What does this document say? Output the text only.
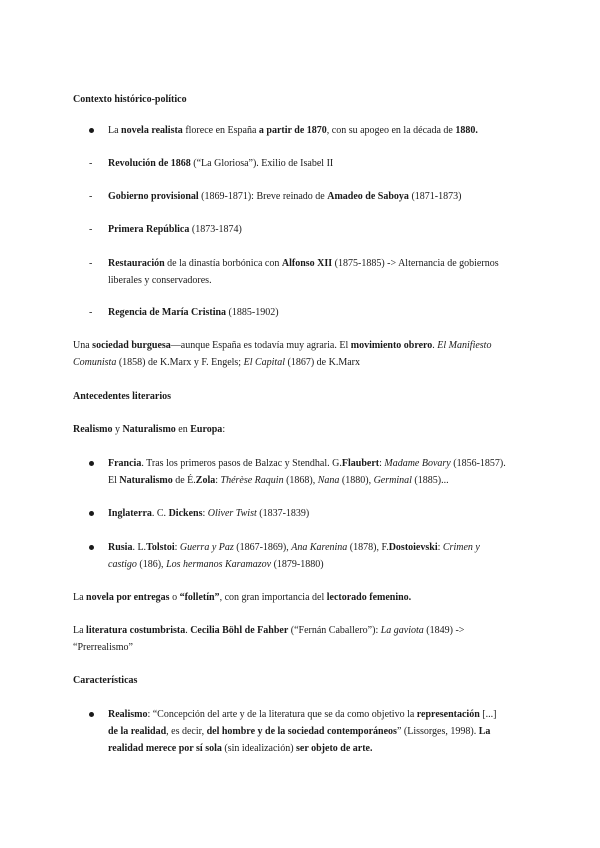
Contexto histórico-político

La novela realista florece en España a partir de 1870, con su apogeo en la década de 1880.

- Revolución de 1868 (“La Gloriosa”). Exilio de Isabel II

- Gobierno provisional (1869-1871): Breve reinado de Amadeo de Saboya (1871-1873)

- Primera República (1873-1874)

- Restauración de la dinastía borbónica con Alfonso XII (1875-1885) -> Alternancia de gobiernos

liberales y conservadores.

- Regencia de María Cristina (1885-1902)

Una sociedad burguesa—aunque España es todavía muy agraria. El movimiento obrero. El Manifiesto

Comunista (1858) de K.Marx y F. Engels; El Capital (1867) de K.Marx

Antecedentes literarios

Realismo y Naturalismo en Europa:

Francia. Tras los primeros pasos de Balzac y Stendhal. G.Flaubert: Madame Bovary (1856-1857).

El Naturalismo de É.Zola: Thérèse Raquin (1868), Nana (1880), Germinal (1885)...

Inglaterra. C. Dickens: Oliver Twist (1837-1839)

Rusia. L.Tolstoi: Guerra y Paz (1867-1869), Ana Karenina (1878), F.Dostoievski: Crimen y

castigo (186), Los hermanos Karamazov (1879-1880)

La novela por entregas o “folletín”, con gran importancia del lectorado femenino.

La literatura costumbrista. Cecilia Böhl de Fahber (“Fernán Caballero”): La gaviota (1849) ->

“Prerrealismo”

Características

Realismo: “Concepción del arte y de la literatura que se da como objetivo la representación [...]

de la realidad, es decir, del hombre y de la sociedad contemporáneos” (Lissorges, 1998). La

realidad merece por sí sola (sin idealización) ser objeto de arte.
